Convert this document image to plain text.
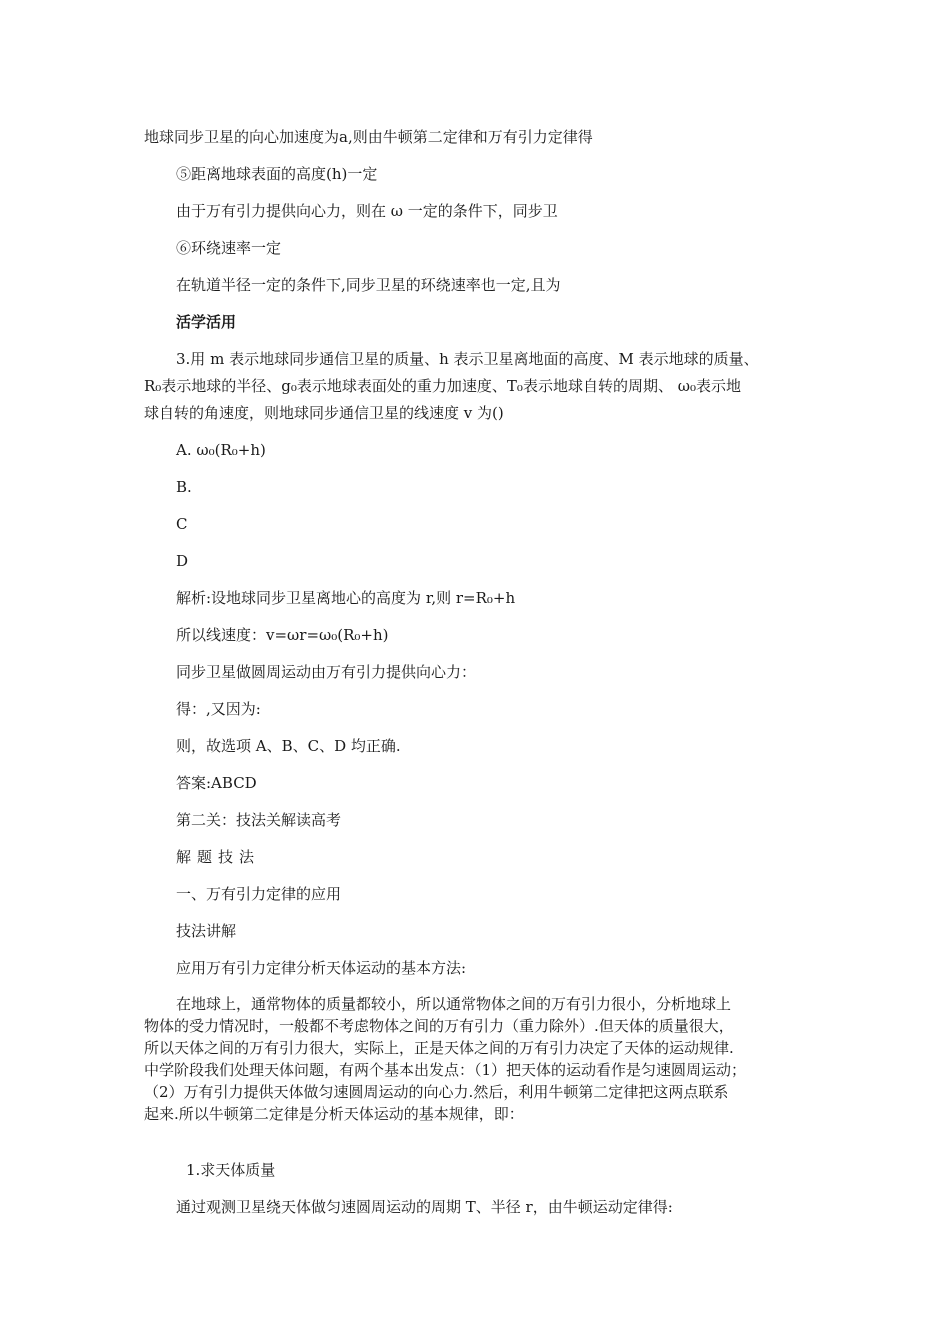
地球同步卫星的向心加速度为a,则由牛顿第二定律和万有引力定律得
⑤距离地球表面的高度(h)一定
由于万有引力提供向心力，则在 ω 一定的条件下，同步卫
⑥环绕速率一定
在轨道半径一定的条件下,同步卫星的环绕速率也一定,且为
活学活用
3.用 m 表示地球同步通信卫星的质量、h 表示卫星离地面的高度、M 表示地球的质量、
R₀表示地球的半径、g₀表示地球表面处的重力加速度、T₀表示地球自转的周期、 ω₀表示地
球自转的角速度，则地球同步通信卫星的线速度 v 为()
A. ω₀(R₀+h)
B.
C
D
解析:设地球同步卫星离地心的高度为 r,则 r=R₀+h
所以线速度：v=ωr=ω₀(R₀+h)
同步卫星做圆周运动由万有引力提供向心力：
得：,又因为:
则，故选项 A、B、C、D 均正确.
答案:ABCD
第二关：技法关解读高考
解题技法
一、万有引力定律的应用
技法讲解
应用万有引力定律分析天体运动的基本方法:
在地球上，通常物体的质量都较小，所以通常物体之间的万有引力很小，分析地球上
物体的受力情况时，一般都不考虑物体之间的万有引力（重力除外）.但天体的质量很大，
所以天体之间的万有引力很大，实际上，正是天体之间的万有引力决定了天体的运动规律.
中学阶段我们处理天体问题，有两个基本出发点：（1）把天体的运动看作是匀速圆周运动；
（2）万有引力提供天体做匀速圆周运动的向心力.然后，利用牛顿第二定律把这两点联系
起来.所以牛顿第二定律是分析天体运动的基本规律，即：
1.求天体质量
通过观测卫星绕天体做匀速圆周运动的周期 T、半径 r，由牛顿运动定律得:
